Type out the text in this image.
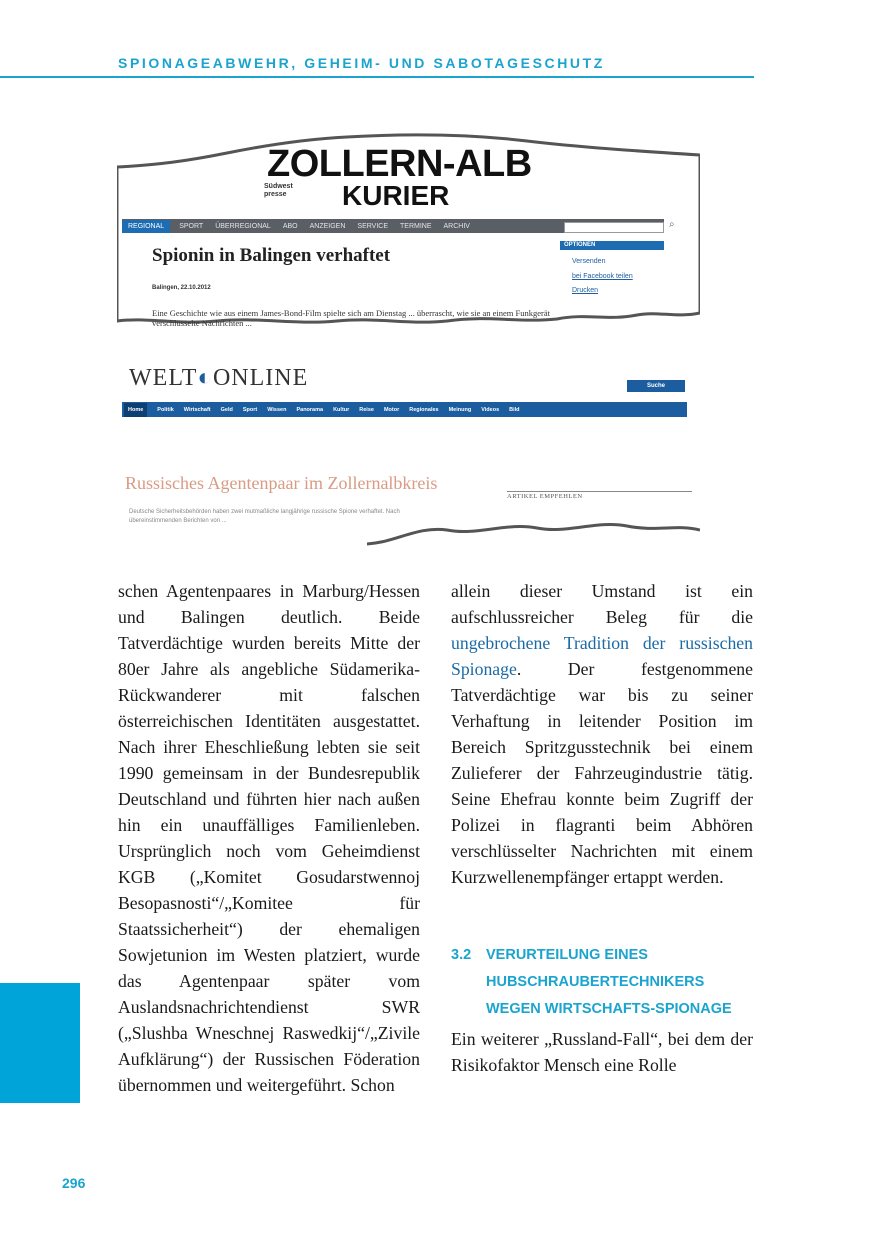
SPIONAGEABWEHR, GEHEIM- UND SABOTAGESCHUTZ
ZOLLERN-ALB
KURIER
Südwest
presse
REGIONAL	SPORT	ÜBERREGIONAL	ABO	ANZEIGEN	SERVICE	TERMINE	ARCHIV	⌕
Spionin in Balingen verhaftet
Balingen, 22.10.2012
Eine Geschichte wie aus einem James-Bond-Film spielte sich am Dienstag ... überrascht, wie sie an einem Funkgerät verschlüsselte Nachrichten ...
OPTIONEN
Versenden
bei Facebook teilen
Drucken
WELT◐ONLINE	Suche
Home	Politik Wirtschaft Geld Sport Wissen Panorama Kultur Reise Motor Regionales Meinung Videos Bild
Russisches Agentenpaar im Zollernalbkreis
ARTIKEL EMPFEHLEN
Deutsche Sicherheitsbehörden haben zwei mutmaßliche langjährige russische Spione verhaftet. Nach übereinstimmenden Berichten von ...

schen Agentenpaares in Marburg/Hessen und Balingen deutlich. Beide Tatverdächtige wurden bereits Mitte der 80er Jahre als angebliche Südamerika-Rückwanderer mit falschen österreichischen Identitäten ausgestattet. Nach ihrer Eheschließung lebten sie seit 1990 gemeinsam in der Bundesrepublik Deutschland und führten hier nach außen hin ein unauffälliges Familienleben. Ursprünglich noch vom Geheimdienst KGB („Komitet Gosudarstwennoj Besopasnosti“/„Komitee für Staatssicherheit“) der ehemaligen Sowjetunion im Westen platziert, wurde das Agentenpaar später vom Auslandsnachrichtendienst SWR („Slushba Wneschnej Raswedkij“/„Zivile Aufklärung“) der Russischen Föderation übernommen und weitergeführt. Schon

allein dieser Umstand ist ein aufschlussreicher Beleg für die ungebrochene Tradition der russischen Spionage. Der festgenommene Tatverdächtige war bis zu seiner Verhaftung in leitender Position im Bereich Spritzgusstechnik bei einem Zulieferer der Fahrzeugindustrie tätig. Seine Ehefrau konnte beim Zugriff der Polizei in flagranti beim Abhören verschlüsselter Nachrichten mit einem Kurzwellenempfänger ertappt werden.

3.2	VERURTEILUNG EINES HUBSCHRAUBERTECHNIKERS WEGEN WIRTSCHAFTS-SPIONAGE

Ein weiterer „Russland-Fall“, bei dem der Risikofaktor Mensch eine Rolle

296
